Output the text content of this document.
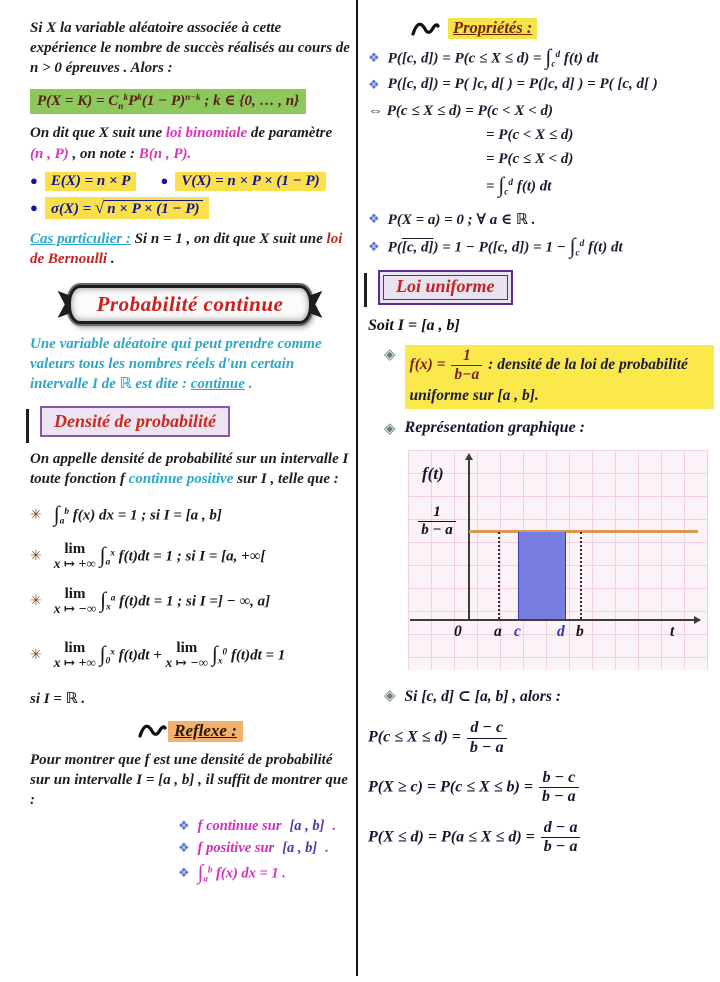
Si X la variable aléatoire associée à cette expérience le nombre de succès réalisés au cours de n > 0 épreuves . Alors :

$P(X = K) = C_n^kP^k(1 - P)^{n-k}$ ; k ∈ {0, … , n}

On dit que X suit une loi binomiale de paramètre
(n , P) , on note : B(n , P).

● E(X) = n × P	● V(X) = n × P × (1 − P)
● σ(X) = √ n × P × (1 − P)

Cas particulier : Si n = 1 , on dit que X suit une loi de Bernoulli .

Probabilité continue

Une variable aléatoire qui peut prendre comme valeurs tous les nombres réels d'un certain intervalle I de ℝ est dite : continue .

Densité de probabilité

On appelle densité de probabilité sur un intervalle I toute fonction f continue positive sur I , telle que :

✳ $\int_a^b$ f(x) dx = 1 ; si I = [a , b]
✳	lim
x ↦ +∞ $\int_a^x$ f(t)dt = 1 ; si I = [a, +∞[
✳	lim
x ↦ −∞ $\int_x^a$ f(t)dt = 1 ; si I =] − ∞, a]
✳	lim
x ↦ +∞ $\int_0^x$ f(t)dt + lim
x ↦ −∞ $\int_x^0$ f(t)dt = 1

si I = ℝ .

Reflexe :

Pour montrer que f est une densité de probabilité sur un intervalle I = [a , b] , il suffit de montrer que :

❖ f continue sur [a , b] .
❖ f positive sur [a , b] .
❖ $\int_a^b$ f(x) dx = 1 .
Propriétés :
❖ P([c, $d]) = P(c \le X \le d) = \int_c^d$ f(t) dt
❖ P([c, d]) = P( ]c, d[ ) = P(]c, d] ) = P( [c, d[ )
⇔ P(c ≤ X ≤ d) = P(c < X < d)
= P(c < X ≤ d)
= P(c ≤ X < d)
= $\int_c^d$ f(t) dt
❖ P(X = a) = 0 ; ∀ a ∈ ℝ .
❖ P([c, d]) = 1 − P([c, $d]) = 1 - \int_c^d$ f(t) dt
Loi uniforme

Soit I = [a , b]

◈
$f(x) = \frac{1}{b-a}$ : densité de la loi de probabilité uniforme sur [a , b].
◈ Représentation graphique :
f(t)
$\frac{1}{b - a}$
0 a c d b	t
◈ Si [c, d] ⊂ [a, b] , alors :
$P(c \le X \le d) = \frac{d - c}{b - a}$
$P(X \ge c) = P(c \le X \le b) = \frac{b - c}{b - a}$
$P(X \le d) = P(a \le X \le d) = \frac{d - a}{b - a}$
